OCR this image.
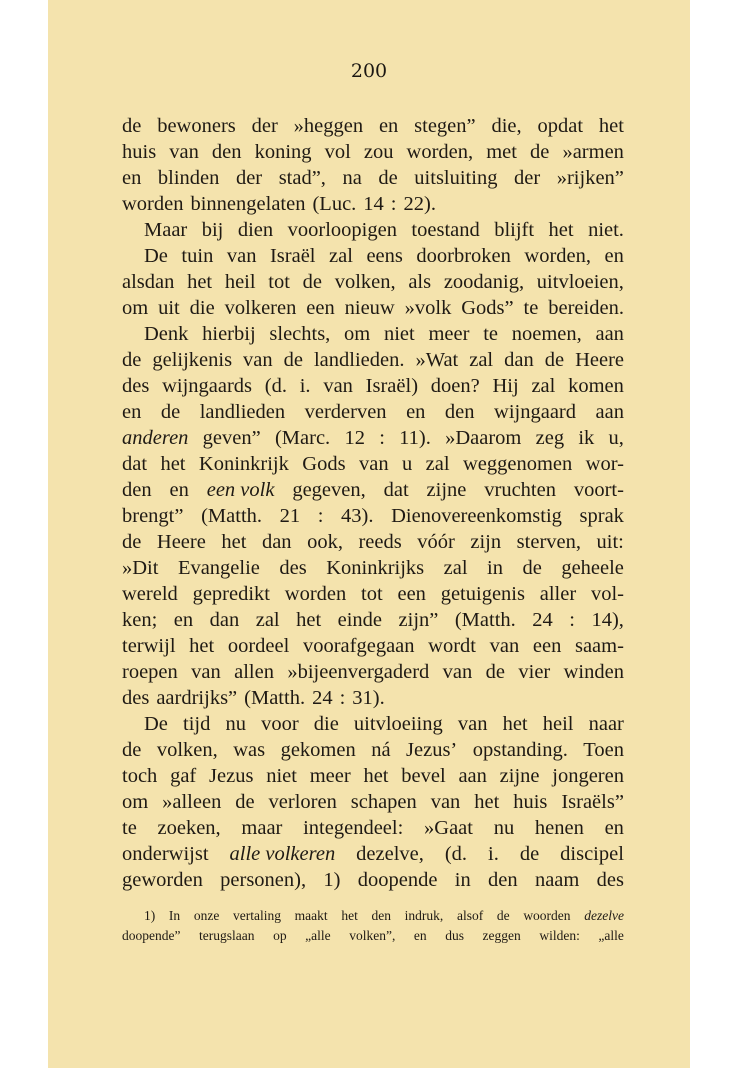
200
de bewoners der »heggen en stegen” die, opdat het
huis van den koning vol zou worden, met de »armen
en blinden der stad”, na de uitsluiting der »rijken”
worden binnengelaten (Luc. 14 : 22).
Maar bij dien voorloopigen toestand blijft het niet.
De tuin van Israël zal eens doorbroken worden, en
alsdan het heil tot de volken, als zoodanig, uitvloeien,
om uit die volkeren een nieuw »volk Gods” te bereiden.
Denk hierbij slechts, om niet meer te noemen, aan
de gelijkenis van de landlieden. »Wat zal dan de Heere
des wijngaards (d. i. van Israël) doen? Hij zal komen
en de landlieden verderven en den wijngaard aan
anderen geven” (Marc. 12 : 11). »Daarom zeg ik u,
dat het Koninkrijk Gods van u zal weggenomen wor-
den en een volk gegeven, dat zijne vruchten voort-
brengt” (Matth. 21 : 43). Dienovereenkomstig sprak
de Heere het dan ook, reeds vóór zijn sterven, uit:
»Dit Evangelie des Koninkrijks zal in de geheele
wereld gepredikt worden tot een getuigenis aller vol-
ken; en dan zal het einde zijn” (Matth. 24 : 14),
terwijl het oordeel voorafgegaan wordt van een saam-
roepen van allen »bijeenvergaderd van de vier winden
des aardrijks” (Matth. 24 : 31).
De tijd nu voor die uitvloeiing van het heil naar
de volken, was gekomen ná Jezus’ opstanding. Toen
toch gaf Jezus niet meer het bevel aan zijne jongeren
om »alleen de verloren schapen van het huis Israëls”
te zoeken, maar integendeel: »Gaat nu henen en
onderwijst alle volkeren dezelve, (d. i. de discipel
geworden personen), 1) doopende in den naam des
1) In onze vertaling maakt het den indruk, alsof de woorden dezelve
doopende” terugslaan op „alle volken”, en dus zeggen wilden: „alle
